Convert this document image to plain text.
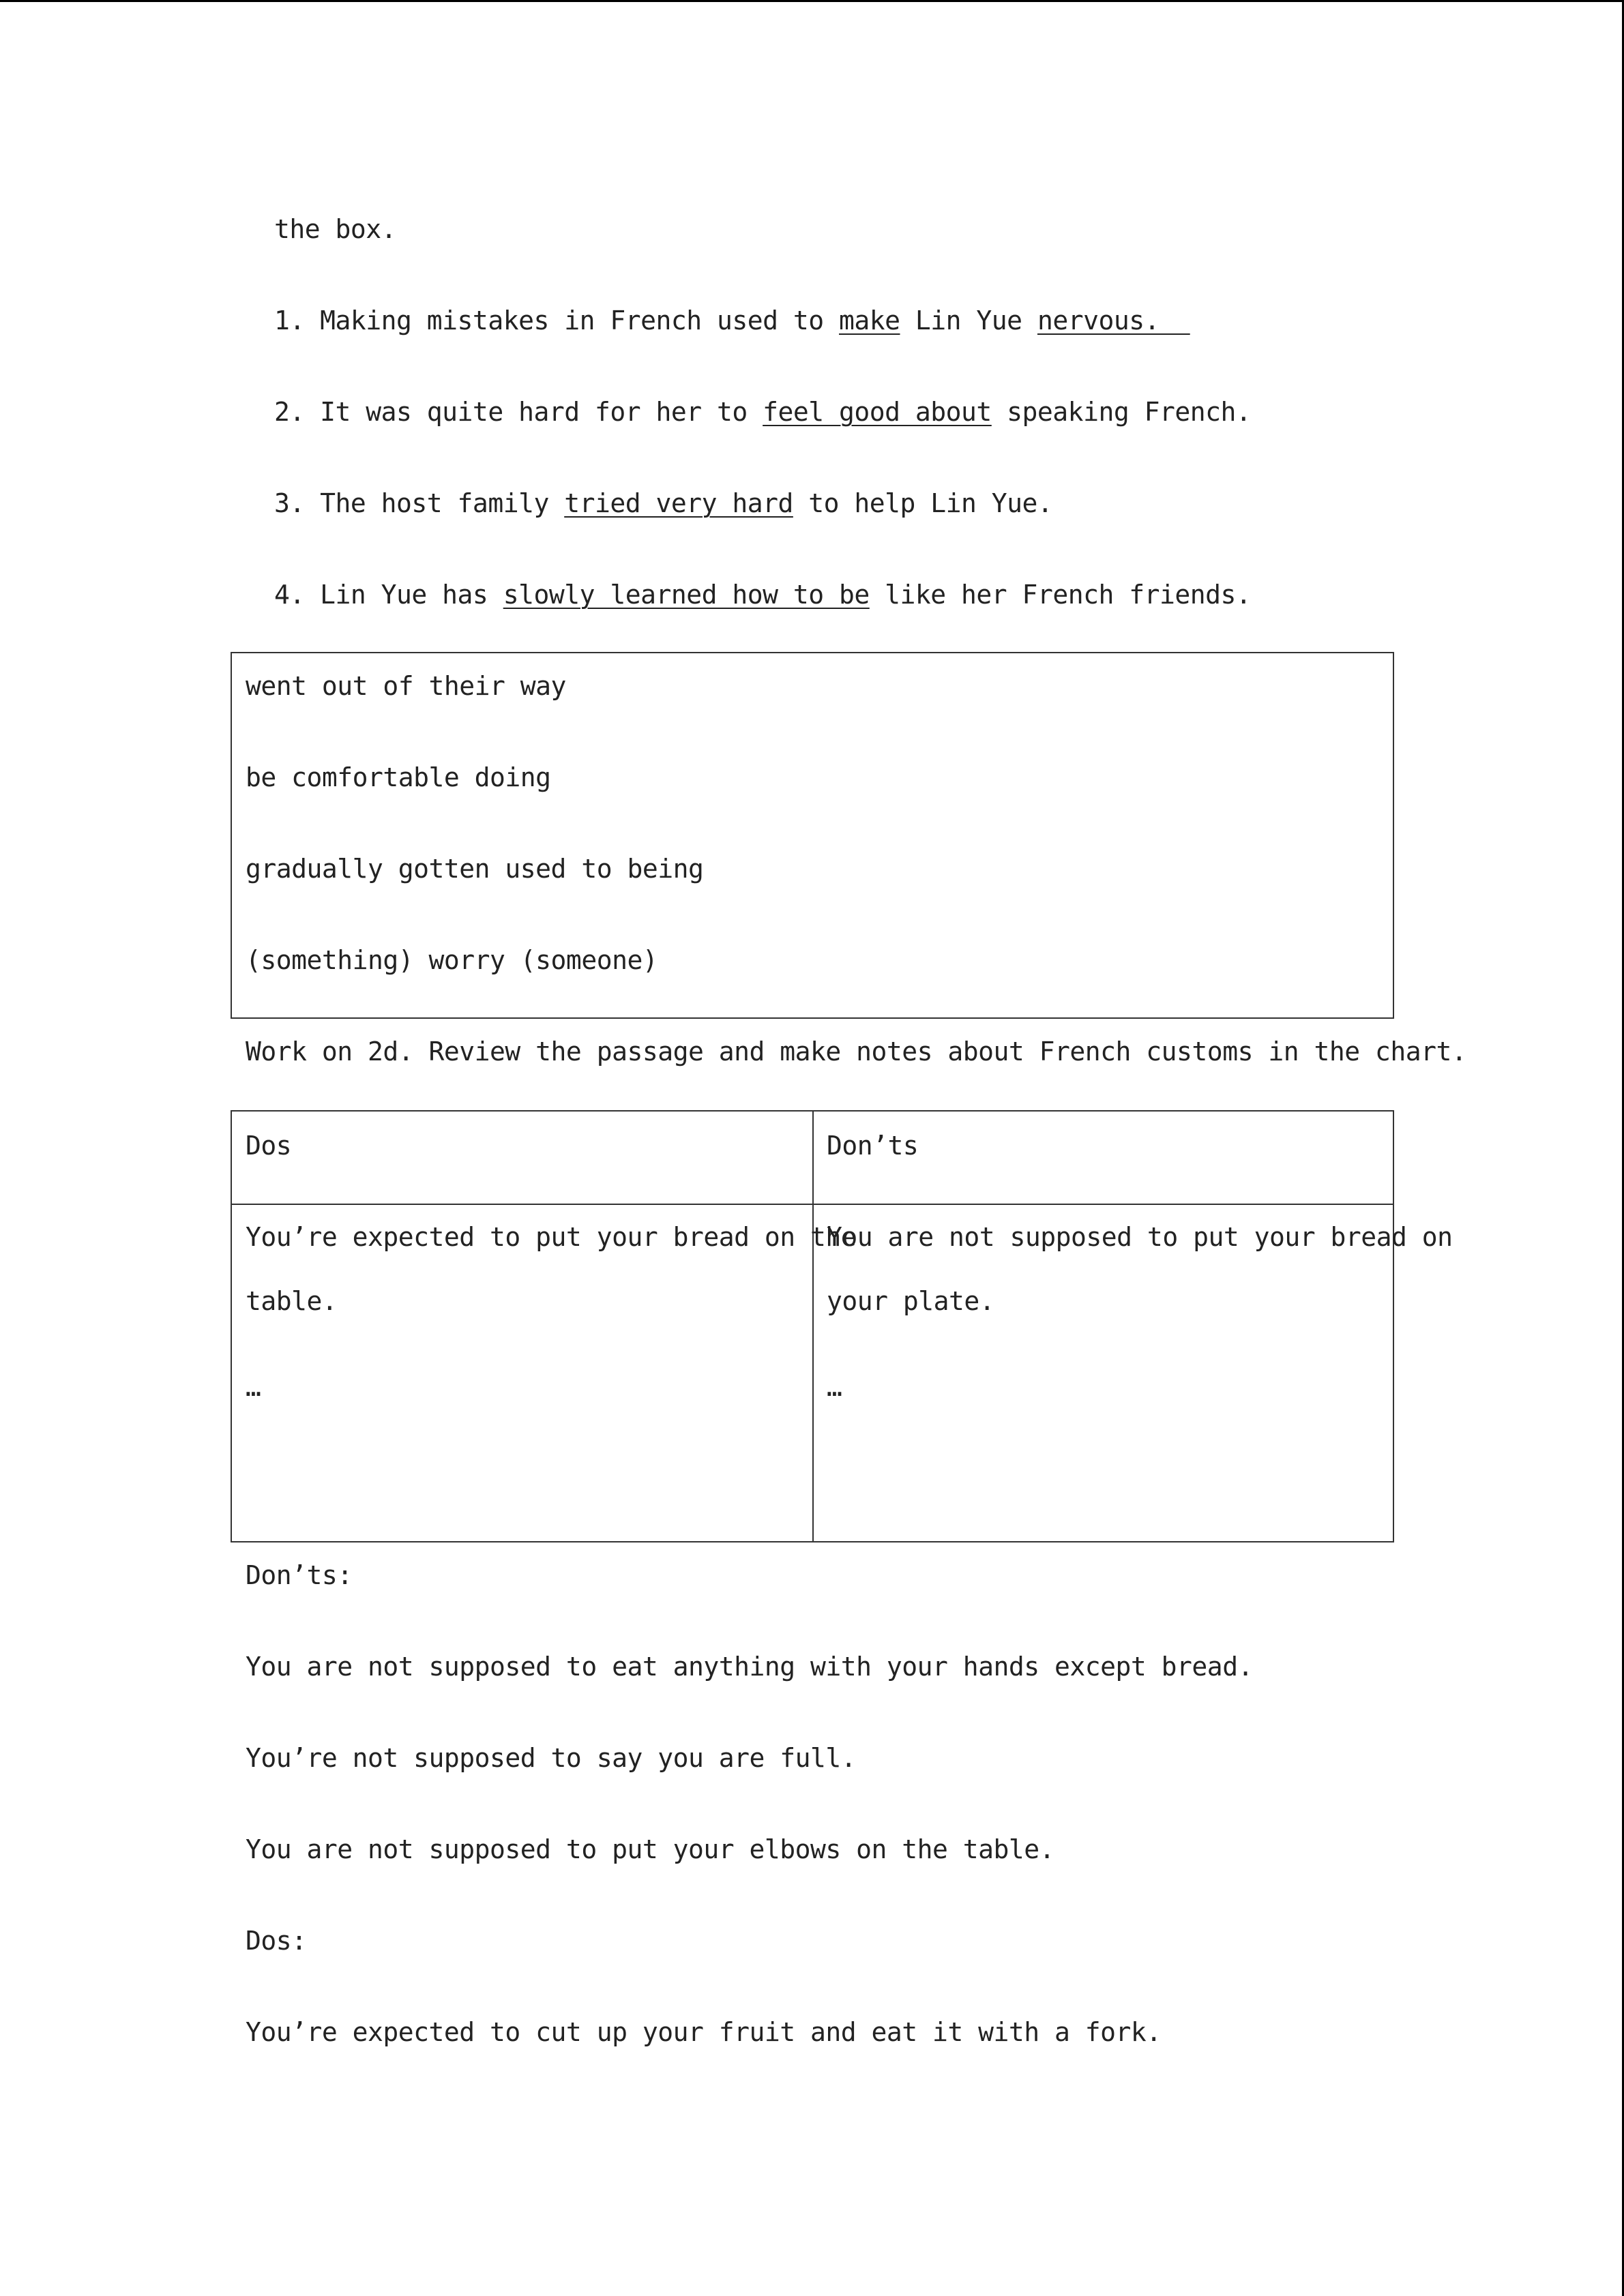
the box.
1. Making mistakes in French used to make Lin Yue nervous.
2. It was quite hard for her to feel good about speaking French.
3. The host family tried very hard to help Lin Yue.
4. Lin Yue has slowly learned how to be like her French friends.
went out of their way
be comfortable doing
gradually gotten used to being
(something) worry (someone)
Work on 2d. Review the passage and make notes about French customs in the chart.
Dos	Don’ts
You’re expected to put your bread on the
table.
…
You are not supposed to put your bread on
your plate.
…
Don’ts:
You are not supposed to eat anything with your hands except bread.
You’re not supposed to say you are full.
You are not supposed to put your elbows on the table.
Dos:
You’re expected to cut up your fruit and eat it with a fork.
